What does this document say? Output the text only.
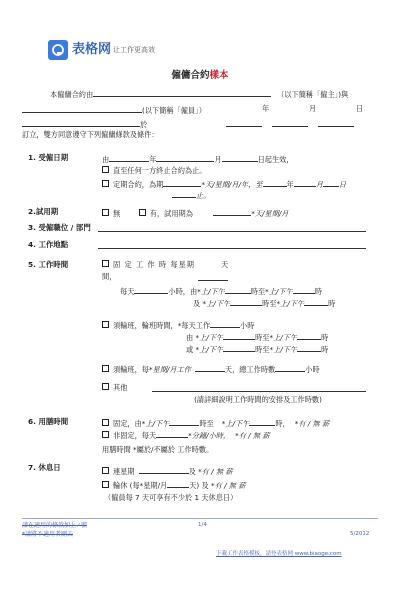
表格网 让工作更高效
僱傭合約樣本
本僱傭合約由	（以下簡稱「僱主」)與
(以下簡稱「僱員」）	年	月	日
於
訂立，雙方同意遵守下列僱傭條款及條件：
1. 受僱日期	由	年	月	日起生效，
直至任何一方終止合約為止。
定期合約，為期	*天/星期/月/年，至	年	月 日
止。
2.試用期	無	有，試用期為	*天/星期/月
3. 受僱職位 / 部門
4. 工作地點
5. 工作時間	固 定 工 作 時 每星期	天
間，
每天	小時，由*上/下午	時至*上/下午	時
及 *上/下午	時至*上/下午	時
須輪班，輪班時間，*每天工作	小時
由 *上/下午	時至*上/下午	時
或 *上/下午	時至*上/下午	時
須輪班，每*星期/月工作	天，總工作時數	小時
其他
(請詳細說明工作時間的安排及工作時數)
6. 用膳時間	固定，由*上/下午	時至 *上/下午	時， *有 / 無 薪
非固定，每天	*分鐘/小時， *有 / 無 薪
用膳時間 *屬於/不屬於 工作時數。
7. 休息日	連星期	及 *有 / 無 薪
輪休 (每*星期/月	天) 及 *有 / 無 薪
（僱員每 7 天可享有不少於 1 天休息日）
請在適用的條款加上✓號
*請將不適用者刪去
1/4
5/2012
下載工作表格模板，請登表格网 www.biaoge.com
